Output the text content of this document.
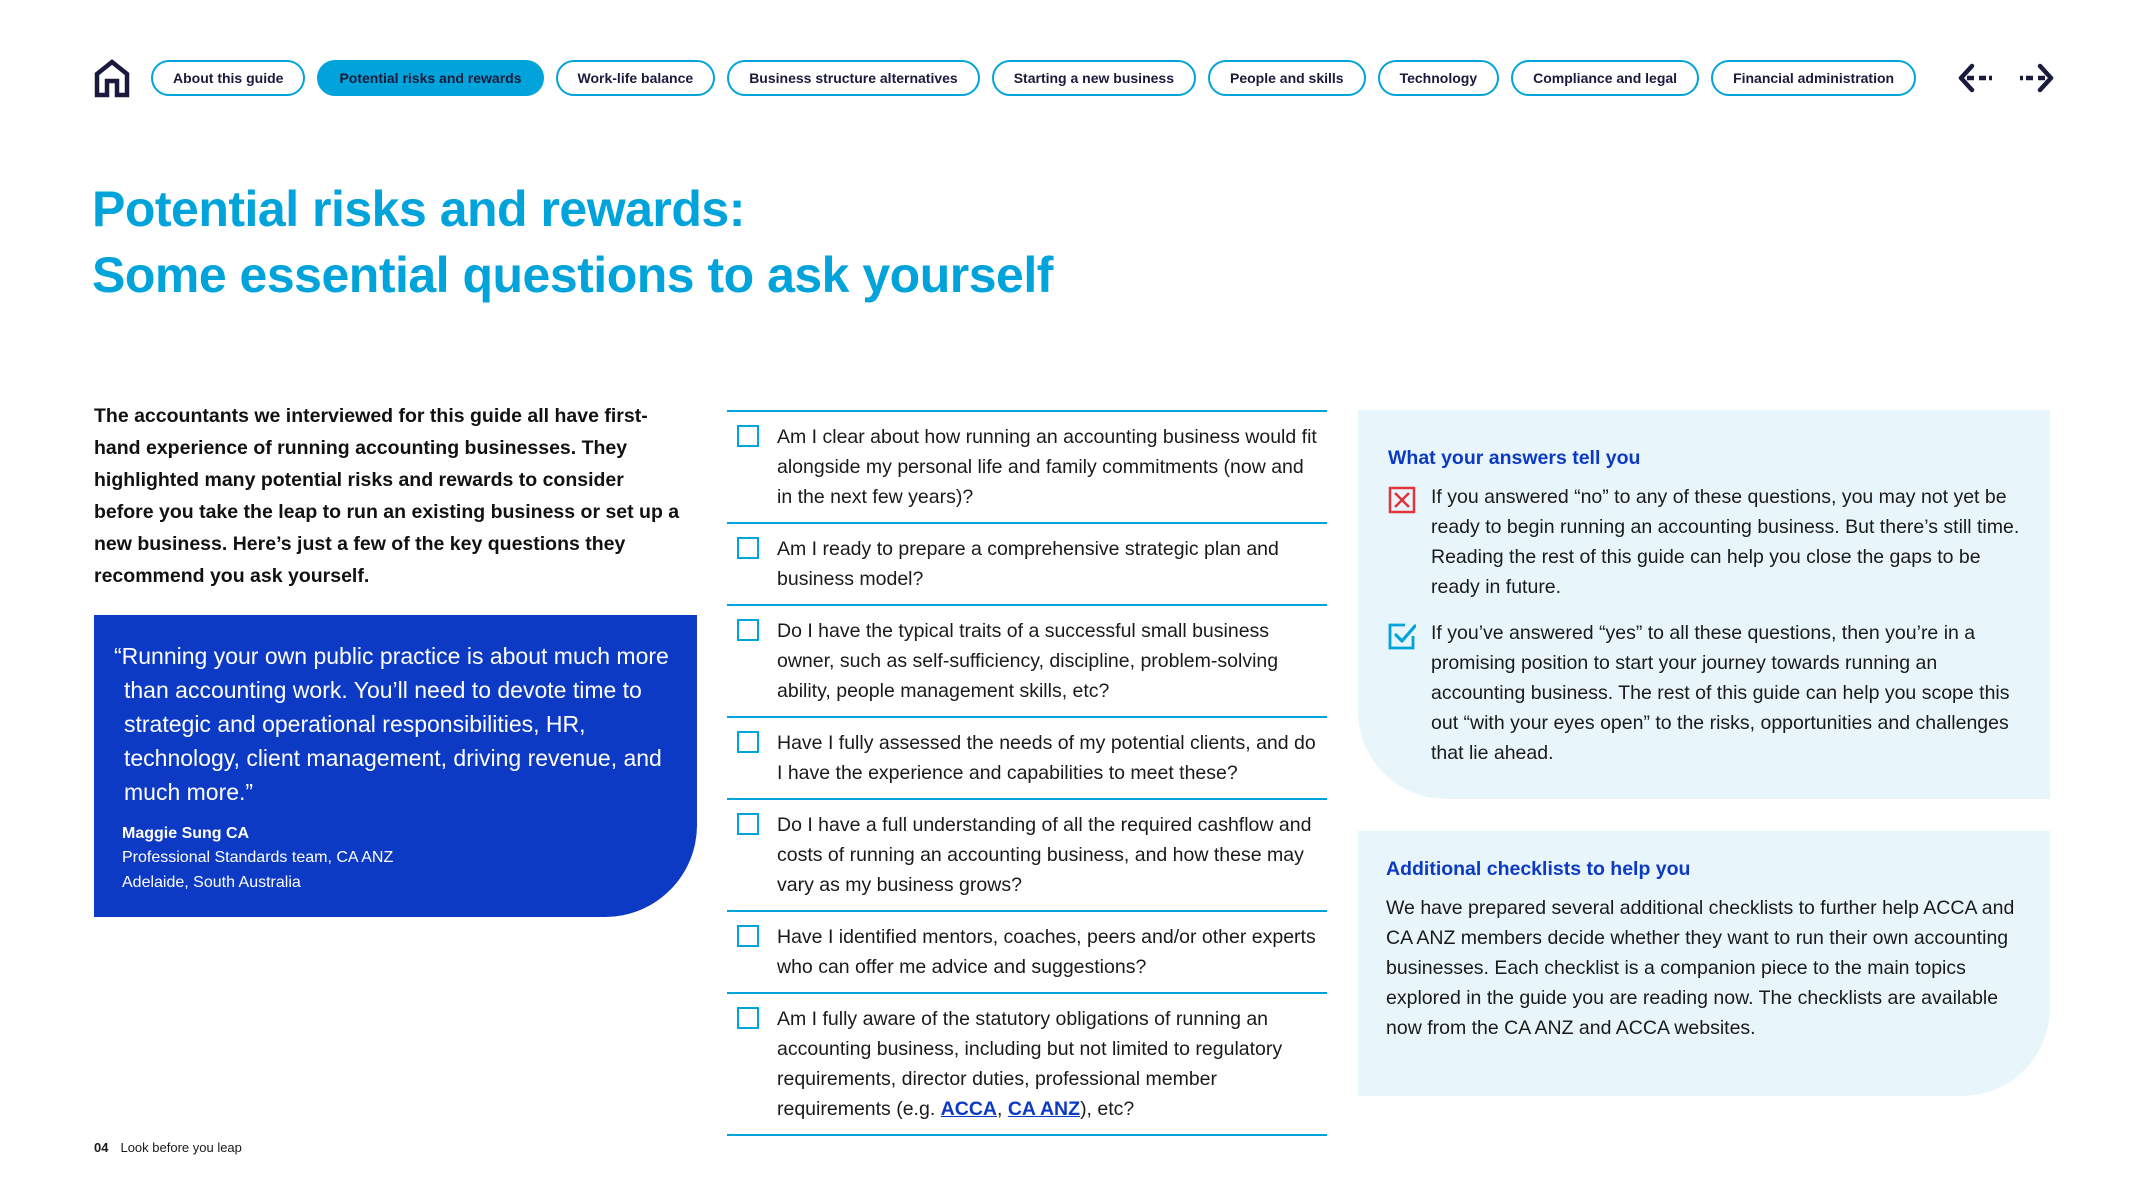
About this guide	Potential risks and rewards	Work-life balance	Business structure alternatives	Starting a new business	People and skills	Technology	Compliance and legal	Financial administration
Potential risks and rewards:
Some essential questions to ask yourself

The accountants we interviewed for this guide all have first-hand experience of running accounting businesses. They highlighted many potential risks and rewards to consider before you take the leap to run an existing business or set up a new business. Here’s just a few of the key questions they recommend you ask yourself.

“Running your own public practice is about much more than accounting work. You’ll need to devote time to strategic and operational responsibilities, HR, technology, client management, driving revenue, and much more.”

Maggie Sung CA

Professional Standards team, CA ANZ

Adelaide, South Australia

Am I clear about how running an accounting business would fit alongside my personal life and family commitments (now and in the next few years)?
Am I ready to prepare a comprehensive strategic plan and business model?
Do I have the typical traits of a successful small business owner, such as self-sufficiency, discipline, problem-solving ability, people management skills, etc?
Have I fully assessed the needs of my potential clients, and do I have the experience and capabilities to meet these?
Do I have a full understanding of all the required cashflow and costs of running an accounting business, and how these may vary as my business grows?
Have I identified mentors, coaches, peers and/or other experts who can offer me advice and suggestions?
Am I fully aware of the statutory obligations of running an accounting business, including but not limited to regulatory requirements, director duties, professional member requirements (e.g. ACCA, CA ANZ), etc?
What your answers tell you
If you answered “no” to any of these questions, you may not yet be ready to begin running an accounting business. But there’s still time. Reading the rest of this guide can help you close the gaps to be ready in future.
If you’ve answered “yes” to all these questions, then you’re in a promising position to start your journey towards running an accounting business. The rest of this guide can help you scope this out “with your eyes open” to the risks, opportunities and challenges that lie ahead.
Additional checklists to help you

We have prepared several additional checklists to further help ACCA and CA ANZ members decide whether they want to run their own accounting businesses. Each checklist is a companion piece to the main topics explored in the guide you are reading now. The checklists are available now from the CA ANZ and ACCA websites.

04 Look before you leap
